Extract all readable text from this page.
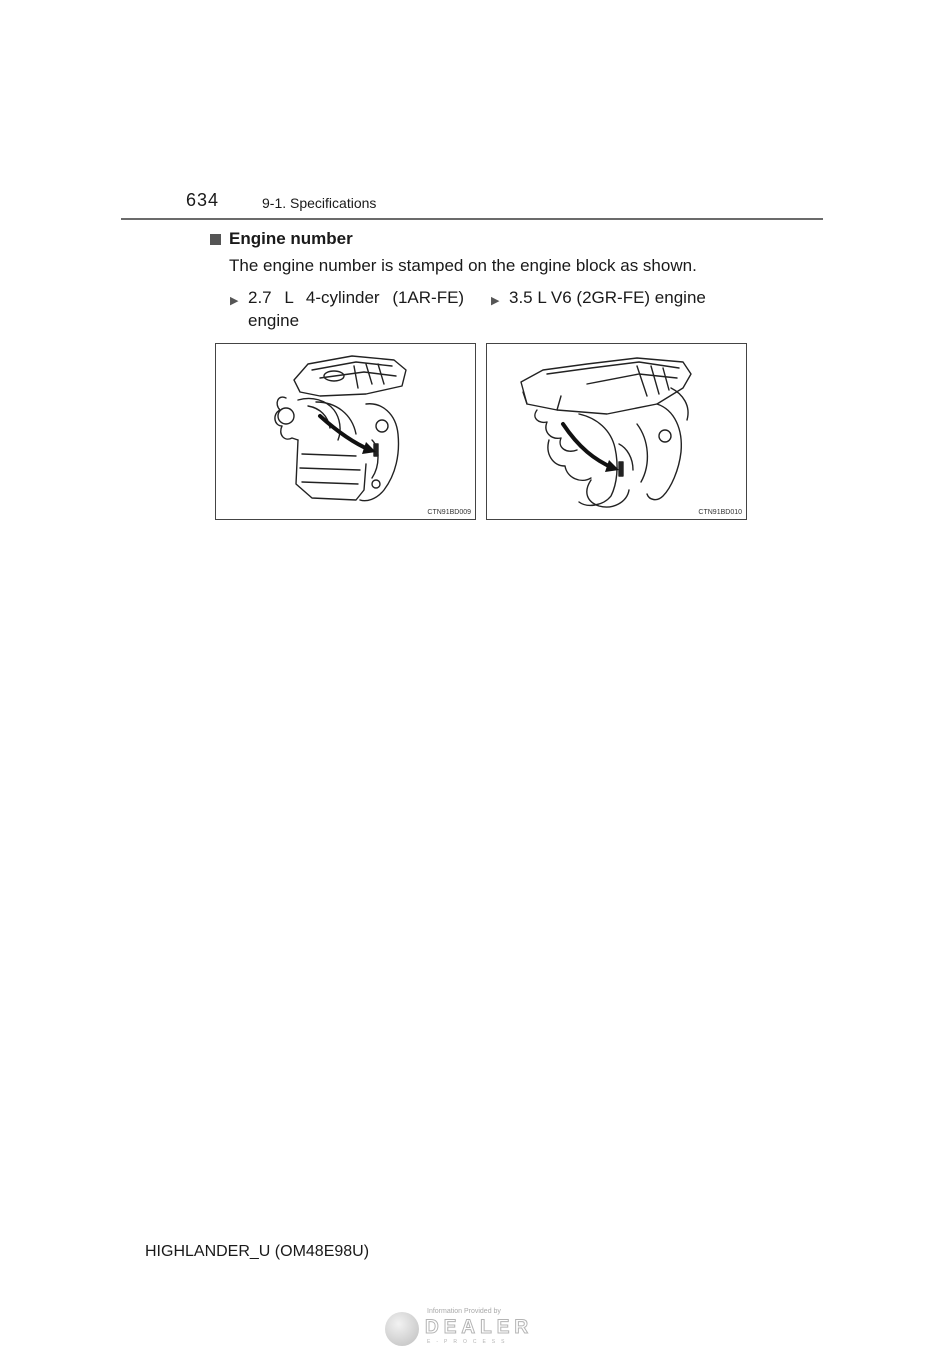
634	9-1. Specifications
Engine number
The engine number is stamped on the engine block as shown.
▶ 2.7 L 4-cylinder (1AR-FE)
engine
▶ 3.5 L V6 (2GR-FE) engine
CTN91BD009	CTN91BD010
HIGHLANDER_U (OM48E98U)
Information Provided by
DEALER
E-PROCESS
